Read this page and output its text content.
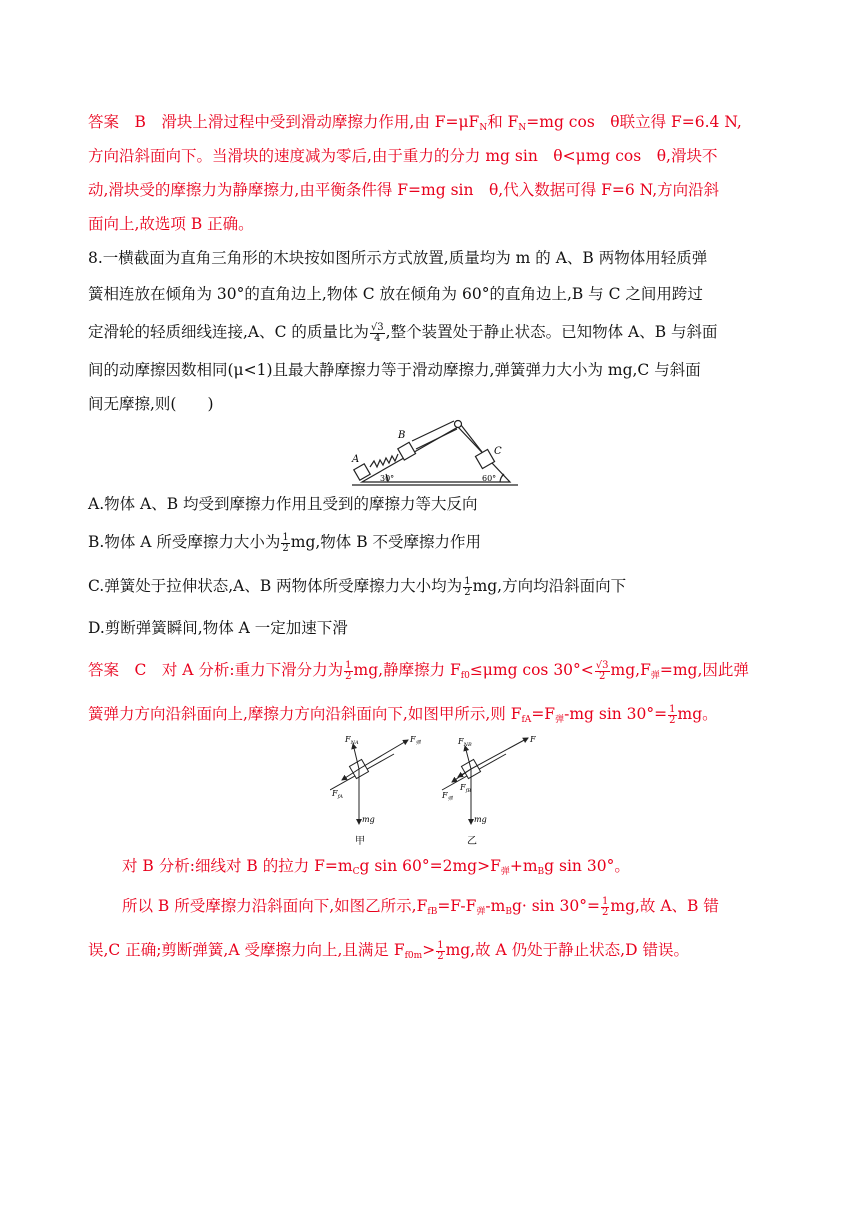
答案　B　滑块上滑过程中受到滑动摩擦力作用,由 $F=\mu F_N$和 $F_N=mg$ cos　θ联立得 F=6.4 N,
方向沿斜面向下。当滑块的速度减为零后,由于重力的分力 mg sin　θ<μmg cos　θ,滑块不
动,滑块受的摩擦力为静摩擦力,由平衡条件得 F=mg sin　θ,代入数据可得 F=6 N,方向沿斜
面向上,故选项 B 正确。
8.一横截面为直角三角形的木块按如图所示方式放置,质量均为 m 的 A、B 两物体用轻质弹
簧相连放在倾角为 30°的直角边上,物体 C 放在倾角为 60°的直角边上,B 与 C 之间用跨过
定滑轮的轻质细线连接,A、C 的质量比为 $\frac{√3}{4}$ ,整个装置处于静止状态。已知物体 A、B 与斜面
间的动摩擦因数相同(μ<1)且最大静摩擦力等于滑动摩擦力,弹簧弹力大小为 mg,C 与斜面
间无摩擦,则(　　)
A
B
C
30°	60°
A.物体 A、B 均受到摩擦力作用且受到的摩擦力等大反向
B.物体 A 所受摩擦力大小为 $\frac{1}{2}$ mg,物体 B 不受摩擦力作用
C.弹簧处于拉伸状态,A、B 两物体所受摩擦力大小均为 $\frac{1}{2}$ mg,方向均沿斜面向下
D.剪断弹簧瞬间,物体 A 一定加速下滑
答案　C　对 A 分析:重力下滑分力为 $\frac{1}{2}$ mg,静摩擦力 $F_{f0}\le\mu mg$ $\cos 30^\circ< \frac{√3}{2} mg,F_弹=mg$,因此弹
簧弹力方向沿斜面向上,摩擦力方向沿斜面向下,如图甲所示,则 $F_{fA}=F_弹-mg$ $\sin 30^\circ= \frac{1}{2}$ mg。
$F_{NA}$	$F_弹$
$F_{fA}$
mg
甲
$F_{NB}$
F
$F_{fB}$
$F_弹$
mg
乙
对 B 分析:细线对 B 的拉力 $F=m_Cg$ $\sin 60^\circ=2mg>F_弹+m_Bg$ sin 30°。
所以 B 所受摩擦力沿斜面向下,如图乙所示$,F_{fB}=F-F_弹-m_Bg\cdot \sin 30^\circ= \frac{1}{2}$ mg,故 A、B 错
误,C 正确;剪断弹簧,A 受摩擦力向上,且满足 $F_{f0m}> \frac{1}{2}$ mg,故 A 仍处于静止状态,D 错误。
